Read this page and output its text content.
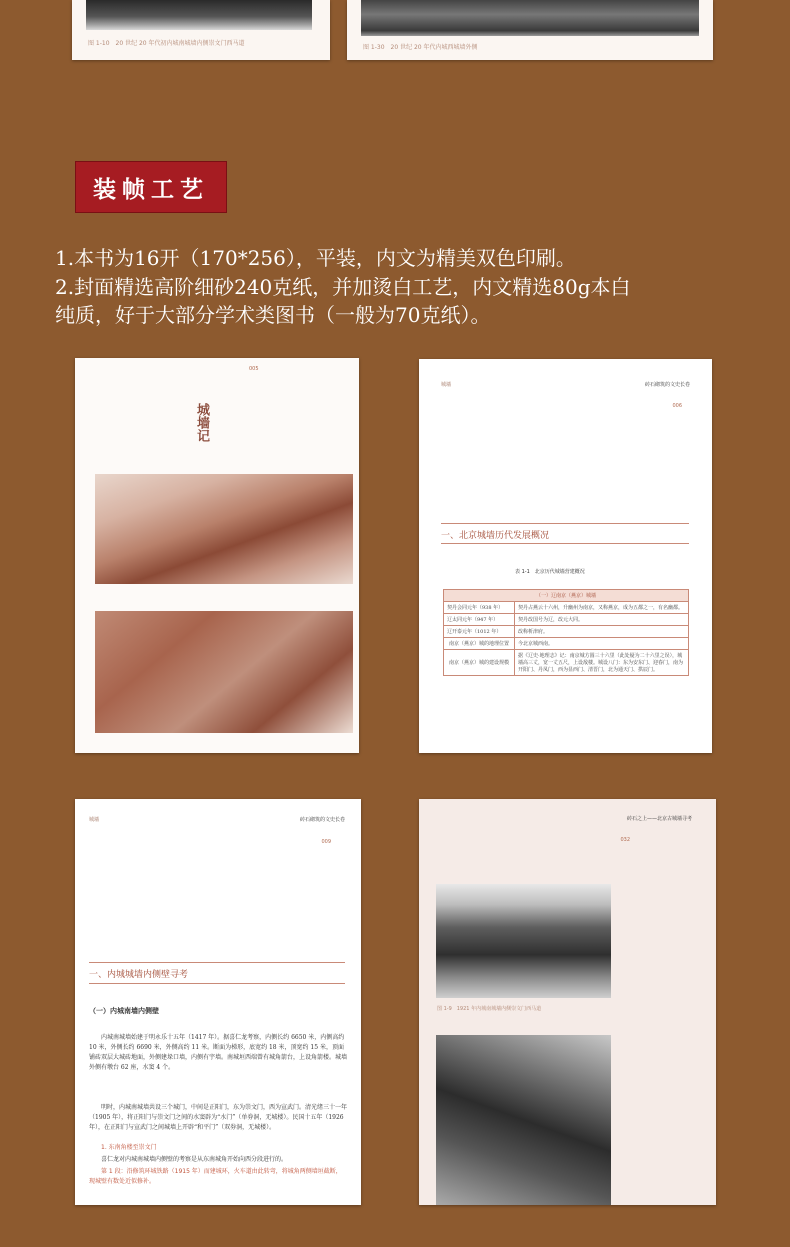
图 1-10　20 世纪 20 年代初内城南城墙内侧崇文门西马道
图 1-30　20 世纪 20 年代内城西城墙外侧
装帧工艺
1.本书为16开（170*256），平装，内文为精美双色印刷。
2.封面精选高阶细砂240克纸，并加烫白工艺，内文精选80g本白
纯质，好于大部分学术类图书（一般为70克纸）。
005
城墙记
城墙	砖石砌筑的文史长卷
006
一、北京城墙历代发展概况
表 1-1　北京历代城墙营建概况
（一）辽南京（燕京）城墙	
契丹会同元年（938 年）	契丹占燕云十六州，升幽州为南京，又称燕京，成为五都之一，有名幽都。
辽太同元年（947 年）	契丹改国号为辽，改元大同。
辽开泰元年（1012 年）	改称析津府。
南京（燕京）城的地理位置	今北京城西南。
南京（燕京）城的建设规模	据《辽史·地理志》记：南京城方圆三十六里（此处疑为二十六里之误），城墙高三丈，宽一丈五尺，上设敌楼。城设八门：东为安东门、迎春门，南为开阳门、丹凤门，西为显西门、清晋门，北为通天门、拱辰门。
城墙	砖石砌筑的文史长卷
009
一、内城城墙内侧壁寻考
（一）内城南墙内侧壁
内城南城墙始建于明永乐十五年（1417 年）。据喜仁龙考察，内侧长约 6650 米，内侧高约 10 米，外侧长约 6690 米，外侧高约 11 米。断面为梯形，底宽约 18 米，顶宽约 15 米，顶面铺砖双层大城砖地面，外侧建垛口墙，内侧有宇墙。南城垣西端曾有城角箭台，上设角箭楼。城墙外侧有墩台 62 座，水窦 4 个。
明时，内城南城墙共设三个城门，中间是正阳门，东为崇文门，西为宣武门。清光绪三十一年（1905 年），将正阳门与崇文门之间的水窦辟为“水门”（单券洞，无城楼）。民国十五年（1926 年），在正阳门与宣武门之间城墙上开辟“和平门”（双券洞，无城楼）。
1. 东南角楼至崇文门
喜仁龙对内城南城墙内侧壁的考察是从东南城角开始向西分段进行的。
第 1 段：沿修筑环城铁路（1915 年）而建城环，火车道由此转弯，将城角两侧墙垣截断，现城壁有数处近似修补。
砖石之上——北京古城墙寻考
032
图 1-9　1921 年内城南城墙内侧崇文门西马道
